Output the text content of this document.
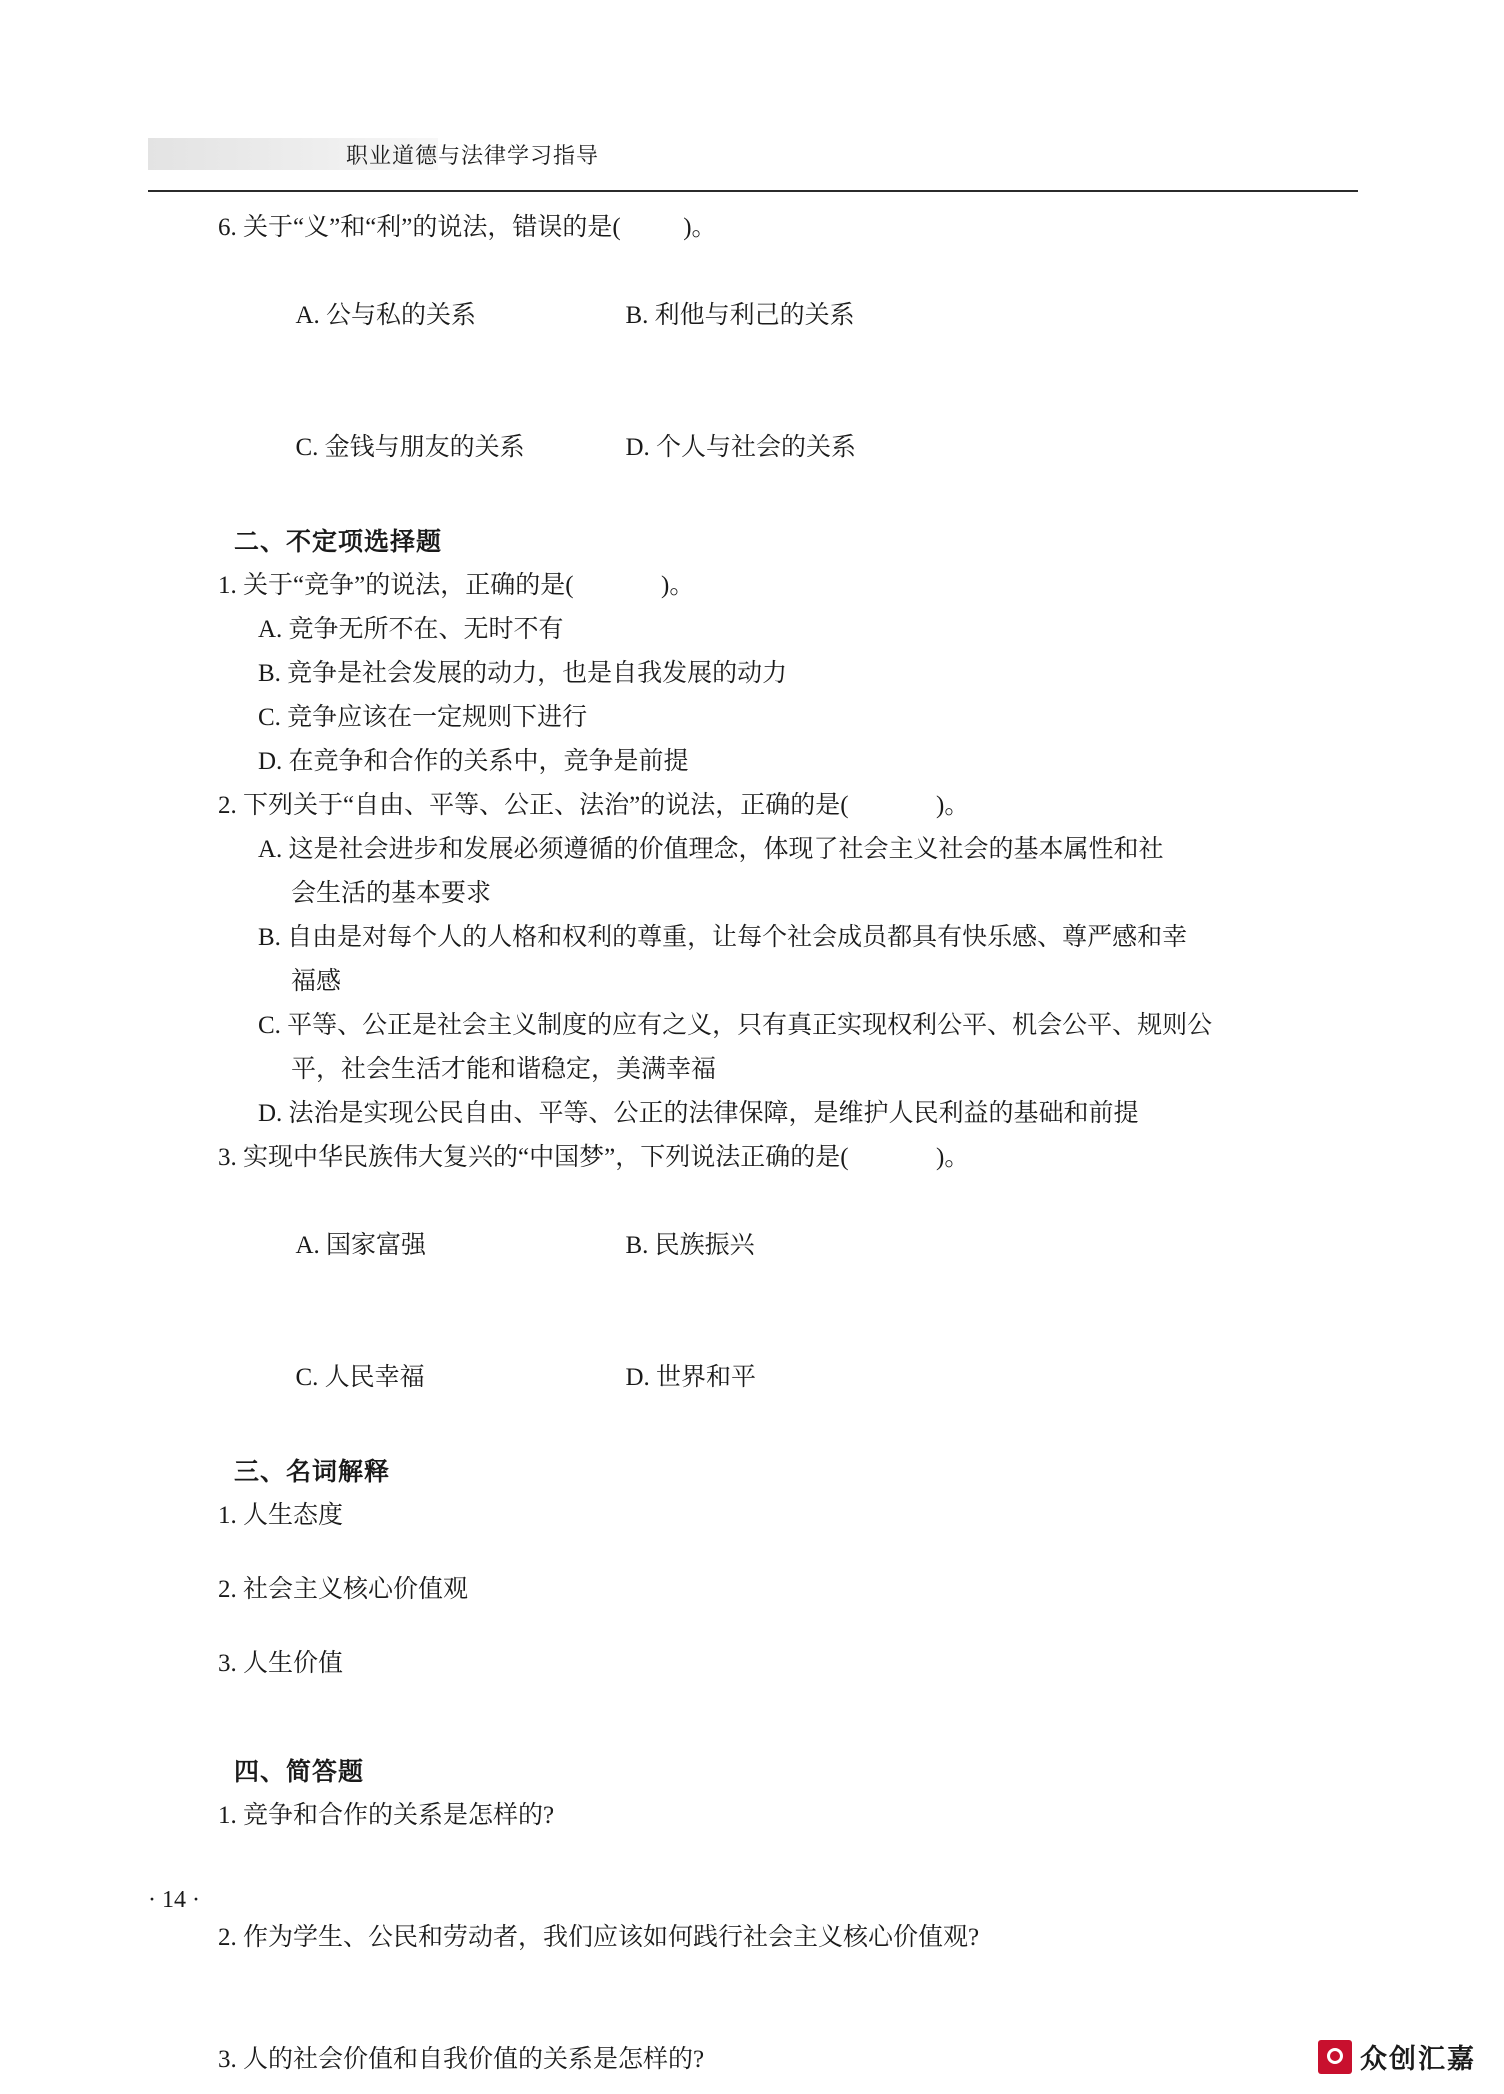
职业道德与法律学习指导
6. 关于“义”和“利”的说法，错误的是(          )。

A. 公与私的关系	B. 利他与利己的关系

C. 金钱与朋友的关系	D. 个人与社会的关系

二、不定项选择题
1. 关于“竞争”的说法，正确的是(              )。
A. 竞争无所不在、无时不有
B. 竞争是社会发展的动力，也是自我发展的动力
C. 竞争应该在一定规则下进行
D. 在竞争和合作的关系中，竞争是前提
2. 下列关于“自由、平等、公正、法治”的说法，正确的是(              )。
A. 这是社会进步和发展必须遵循的价值理念，体现了社会主义社会的基本属性和社
会生活的基本要求
B. 自由是对每个人的人格和权利的尊重，让每个社会成员都具有快乐感、尊严感和幸
福感
C. 平等、公正是社会主义制度的应有之义，只有真正实现权利公平、机会公平、规则公
平，社会生活才能和谐稳定，美满幸福
D. 法治是实现公民自由、平等、公正的法律保障，是维护人民利益的基础和前提
3. 实现中华民族伟大复兴的“中国梦”，下列说法正确的是(              )。

A. 国家富强	B. 民族振兴

C. 人民幸福	D. 世界和平

三、名词解释
1. 人生态度
2. 社会主义核心价值观
3. 人生价值
四、简答题
1. 竞争和合作的关系是怎样的?
2. 作为学生、公民和劳动者，我们应该如何践行社会主义核心价值观?
3. 人的社会价值和自我价值的关系是怎样的?
· 14 ·
众创汇嘉
